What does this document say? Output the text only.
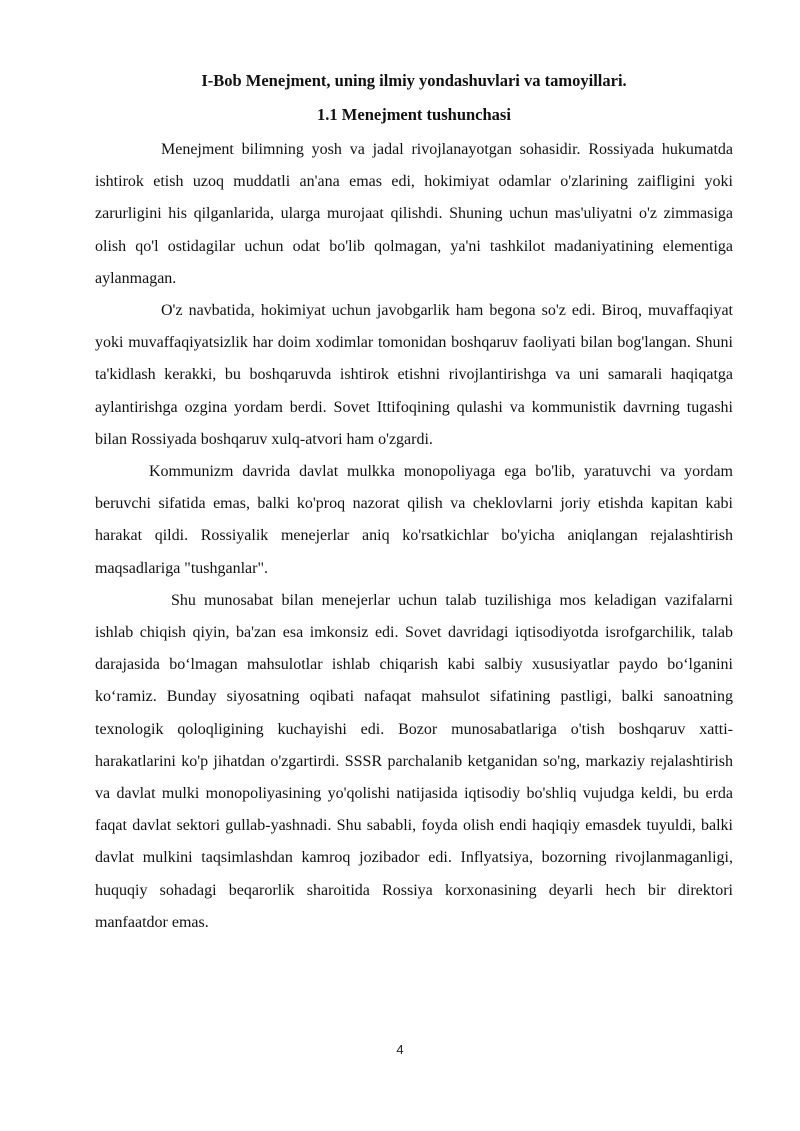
I-Bob Menejment, uning ilmiy yondashuvlari va tamoyillari.
1.1 Menejment tushunchasi

Menejment bilimning yosh va jadal rivojlanayotgan sohasidir. Rossiyada hukumatda ishtirok etish uzoq muddatli an'ana emas edi, hokimiyat odamlar o'zlarining zaifligini yoki zarurligini his qilganlarida, ularga murojaat qilishdi. Shuning uchun mas'uliyatni o'z zimmasiga olish qo'l ostidagilar uchun odat bo'lib qolmagan, ya'ni tashkilot madaniyatining elementiga aylanmagan.

O'z navbatida, hokimiyat uchun javobgarlik ham begona so'z edi. Biroq, muvaffaqiyat yoki muvaffaqiyatsizlik har doim xodimlar tomonidan boshqaruv faoliyati bilan bog'langan. Shuni ta'kidlash kerakki, bu boshqaruvda ishtirok etishni rivojlantirishga va uni samarali haqiqatga aylantirishga ozgina yordam berdi. Sovet Ittifoqining qulashi va kommunistik davrning tugashi bilan Rossiyada boshqaruv xulq-atvori ham o'zgardi.

Kommunizm davrida davlat mulkka monopoliyaga ega bo'lib, yaratuvchi va yordam beruvchi sifatida emas, balki ko'proq nazorat qilish va cheklovlarni joriy etishda kapitan kabi harakat qildi. Rossiyalik menejerlar aniq ko'rsatkichlar bo'yicha aniqlangan rejalashtirish maqsadlariga "tushganlar".

Shu munosabat bilan menejerlar uchun talab tuzilishiga mos keladigan vazifalarni ishlab chiqish qiyin, ba'zan esa imkonsiz edi. Sovet davridagi iqtisodiyotda isrofgarchilik, talab darajasida bo‘lmagan mahsulotlar ishlab chiqarish kabi salbiy xususiyatlar paydo bo‘lganini ko‘ramiz. Bunday siyosatning oqibati nafaqat mahsulot sifatining pastligi, balki sanoatning texnologik qoloqligining kuchayishi edi. Bozor munosabatlariga o'tish boshqaruv xatti-harakatlarini ko'p jihatdan o'zgartirdi. SSSR parchalanib ketganidan so'ng, markaziy rejalashtirish va davlat mulki monopoliyasining yo'qolishi natijasida iqtisodiy bo'shliq vujudga keldi, bu erda faqat davlat sektori gullab-yashnadi. Shu sababli, foyda olish endi haqiqiy emasdek tuyuldi, balki davlat mulkini taqsimlashdan kamroq jozibador edi. Inflyatsiya, bozorning rivojlanmaganligi, huquqiy sohadagi beqarorlik sharoitida Rossiya korxonasining deyarli hech bir direktori manfaatdor emas.

4
